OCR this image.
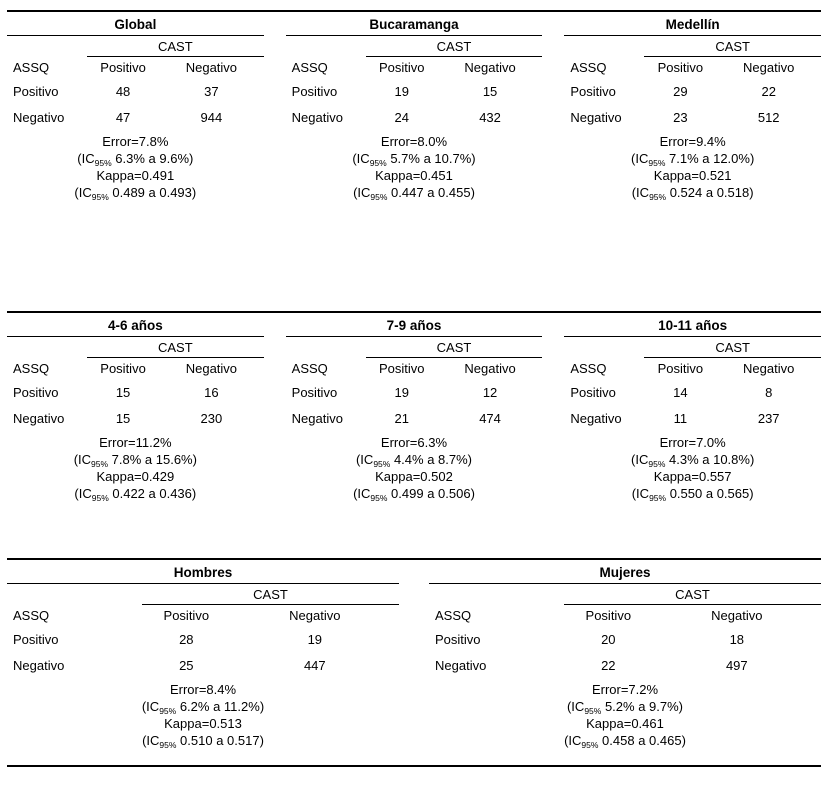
Global
ASSQ
CAST
Positivo	Negativo
Positivo	48	37
Negativo	47	944
Error=7.8%
($IC_{95\%}$ 6.3% a 9.6%)
Kappa=0.491
($IC_{95\%}$ 0.489 a 0.493)
Bucaramanga
ASSQ
CAST
Positivo	Negativo
Positivo	19	15
Negativo	24	432
Error=8.0%
($IC_{95\%}$ 5.7% a 10.7%)
Kappa=0.451
($IC_{95\%}$ 0.447 a 0.455)
Medellín
ASSQ
CAST
Positivo	Negativo
Positivo	29	22
Negativo	23	512
Error=9.4%
($IC_{95\%}$ 7.1% a 12.0%)
Kappa=0.521
($IC_{95\%}$ 0.524 a 0.518)
4-6 años
ASSQ
CAST
Positivo	Negativo
Positivo	15	16
Negativo	15	230
Error=11.2%
($IC_{95\%}$ 7.8% a 15.6%)
Kappa=0.429
($IC_{95\%}$ 0.422 a 0.436)
7-9 años
ASSQ
CAST
Positivo	Negativo
Positivo	19	12
Negativo	21	474
Error=6.3%
($IC_{95\%}$ 4.4% a 8.7%)
Kappa=0.502
($IC_{95\%}$ 0.499 a 0.506)
10-11 años
ASSQ
CAST
Positivo	Negativo
Positivo	14	8
Negativo	11	237
Error=7.0%
($IC_{95\%}$ 4.3% a 10.8%)
Kappa=0.557
($IC_{95\%}$ 0.550 a 0.565)
Hombres
ASSQ
CAST
Positivo	Negativo
Positivo	28	19
Negativo	25	447
Error=8.4%
($IC_{95\%}$ 6.2% a 11.2%)
Kappa=0.513
($IC_{95\%}$ 0.510 a 0.517)
Mujeres
ASSQ
CAST
Positivo	Negativo
Positivo	20	18
Negativo	22	497
Error=7.2%
($IC_{95\%}$ 5.2% a 9.7%)
Kappa=0.461
($IC_{95\%}$ 0.458 a 0.465)
